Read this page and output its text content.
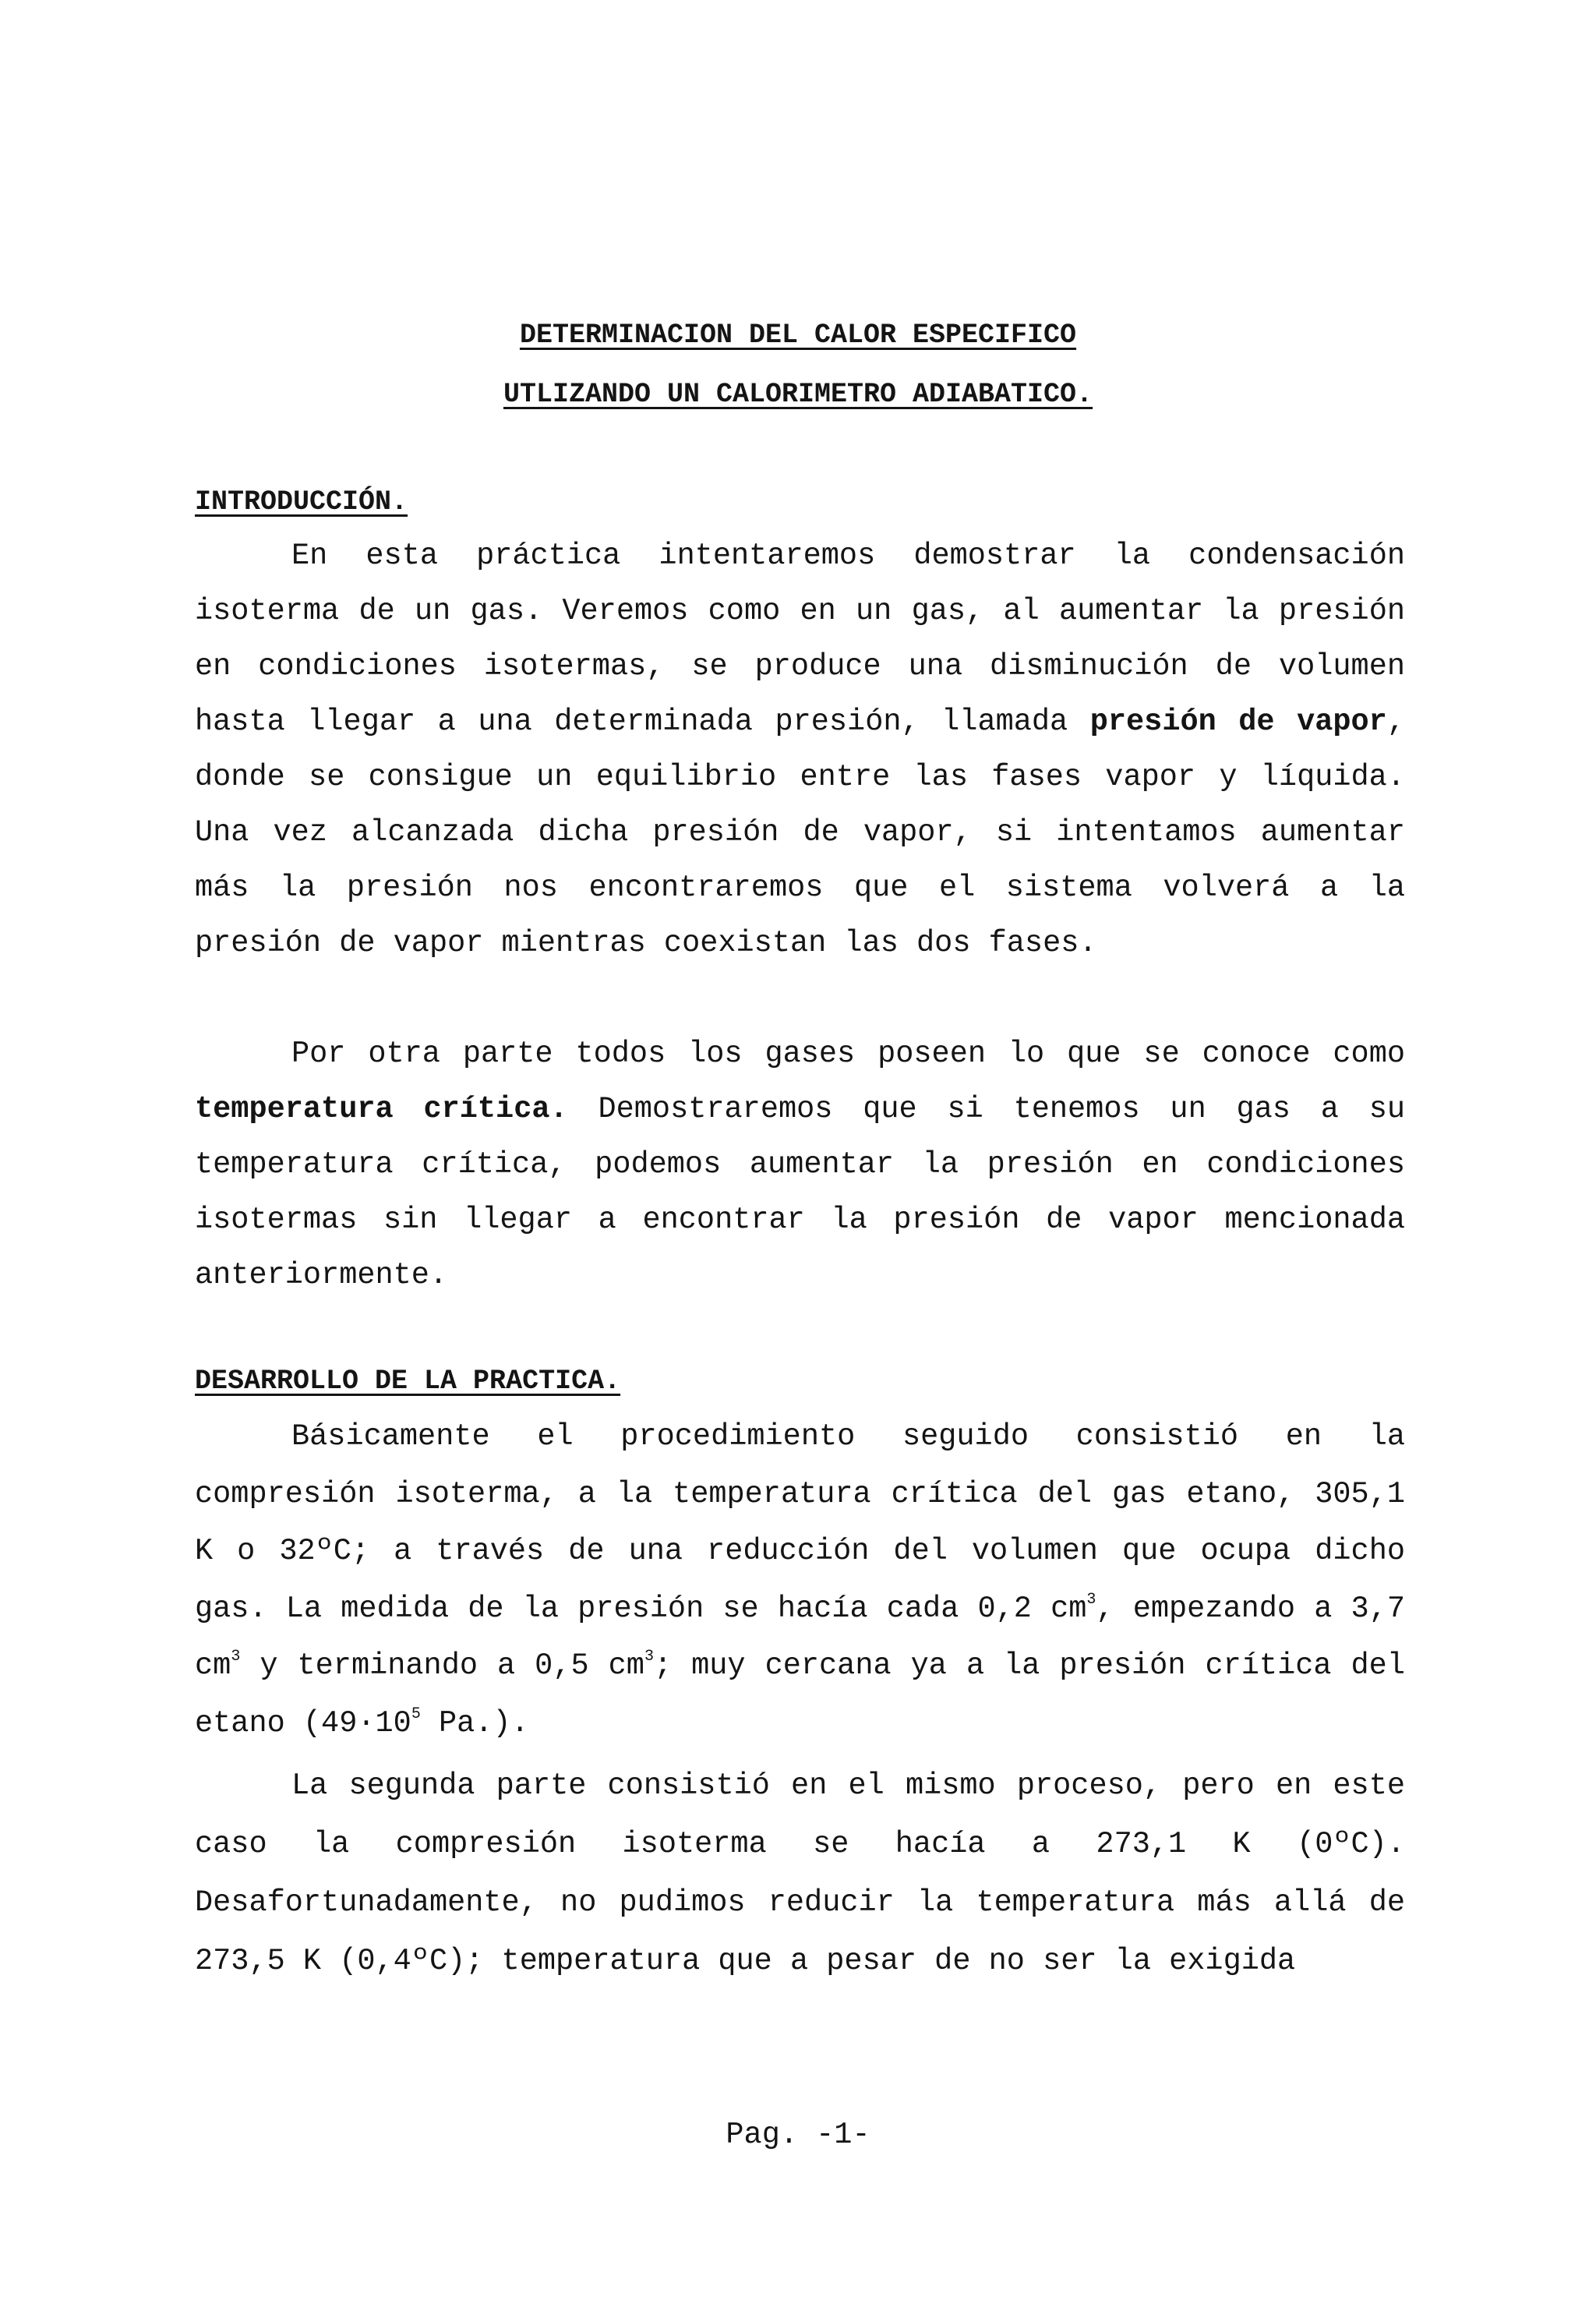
DETERMINACION DEL CALOR ESPECIFICO
UTLIZANDO UN CALORIMETRO ADIABATICO.
INTRODUCCIÓN.

En esta práctica intentaremos demostrar la condensación isoterma de un gas. Veremos como en un gas, al aumentar la presión en condiciones isotermas, se produce una disminución de volumen hasta llegar a una determinada presión, llamada presión de vapor, donde se consigue un equilibrio entre las fases vapor y líquida. Una vez alcanzada dicha presión de vapor, si intentamos aumentar más la presión nos encontraremos que el sistema volverá a la presión de vapor mientras coexistan las dos fases.

Por otra parte todos los gases poseen lo que se conoce como temperatura crítica. Demostraremos que si tenemos un gas a su temperatura crítica, podemos aumentar la presión en condiciones isotermas sin llegar a encontrar la presión de vapor mencionada anteriormente.

DESARROLLO DE LA PRACTICA.

Básicamente el procedimiento seguido consistió en la compresión isoterma, a la temperatura crítica del gas etano, 305,1 K o 32ºC; a través de una reducción del volumen que ocupa dicho gas. La medida de la presión se hacía cada 0,2 $cm^3$, empezando a 3,7 $cm^3$ y terminando a 0,5 $cm^3$; muy cercana ya a la presión crítica del etano ($49\cdot 10^5$ Pa.).

La segunda parte consistió en el mismo proceso, pero en este caso la compresión isoterma se hacía a 273,1 K (0ºC). Desafortunadamente, no pudimos reducir la temperatura más allá de 273,5 K (0,4ºC); temperatura que a pesar de no ser la exigida

Pag. -1-
